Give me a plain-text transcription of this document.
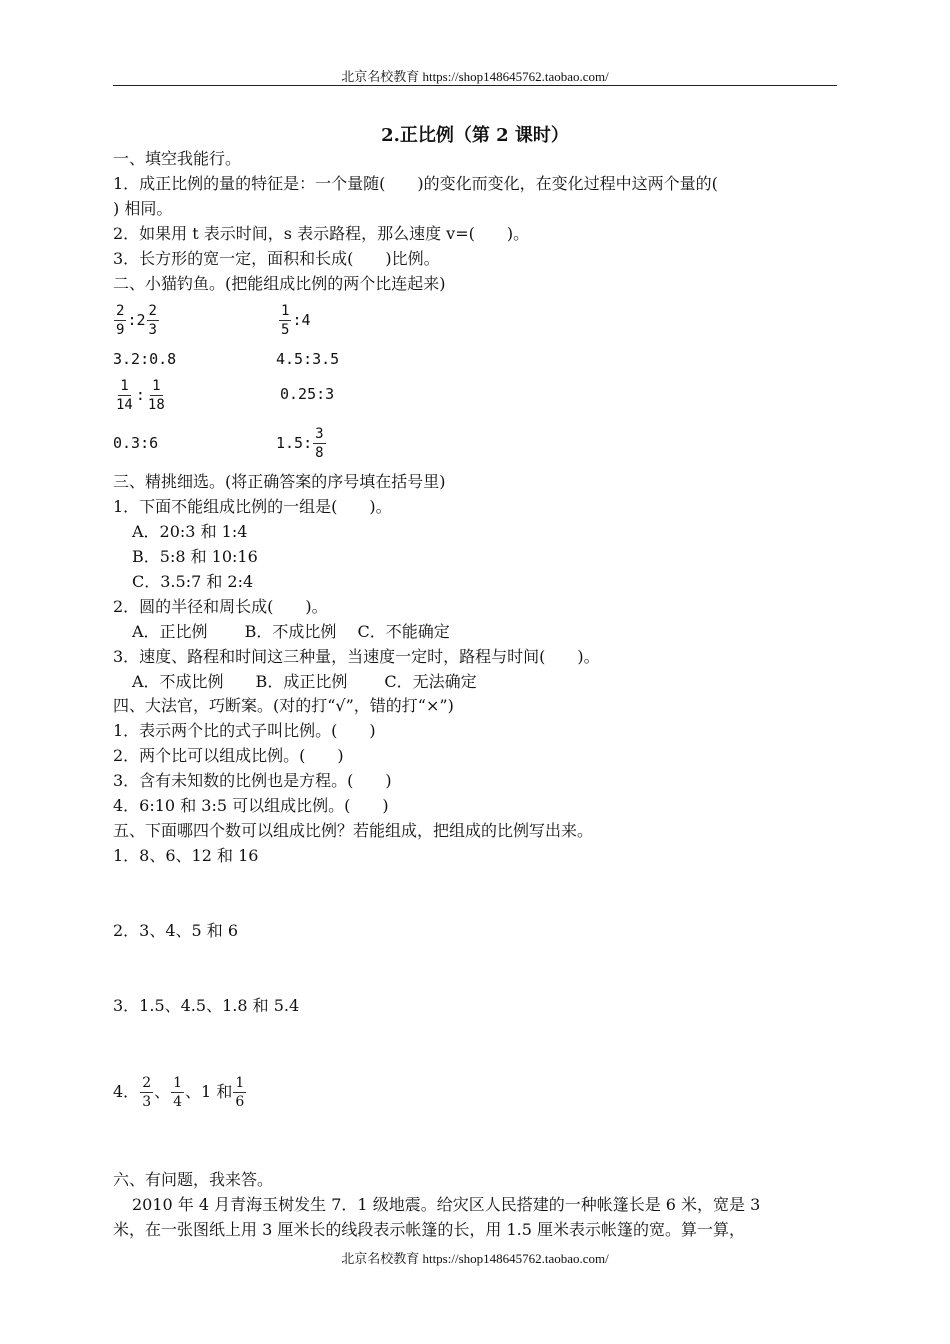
北京名校教育 https://shop148645762.taobao.com/
2.正比例（第 2 课时）
一、填空我能行。
1．成正比例的量的特征是：一个量随(　　)的变化而变化，在变化过程中这两个量的(
) 相同。
2．如果用 t 表示时间，s 表示路程，那么速度 v=(　　)。
3．长方形的宽一定，面积和长成(　　)比例。
二、小猫钓鱼。(把能组成比例的两个比连起来)
$\frac{2}{9}$ :2 $\frac{2}{3}$	$\frac{1}{5}$ :4
3.2:0.8	4.5:3.5
$\frac{1}{14}$ : $\frac{1}{18}$	0.25:3
0.3:6	1.5: $\frac{3}{8}$
三、精挑细选。(将正确答案的序号填在括号里)
1．下面不能组成比例的一组是(　　)。
A．20:3 和 1:4
B．5:8 和 10:16
C．3.5:7 和 2:4
2．圆的半径和周长成(　　)。
A．正比例　　 B．不成比例　 C．不能确定
3．速度、路程和时间这三种量，当速度一定时，路程与时间(　　)。
A．不成比例　　B．成正比例　　 C．无法确定
四、大法官，巧断案。(对的打“√”，错的打“×”)
1．表示两个比的式子叫比例。(　　)
2．两个比可以组成比例。(　　)
3．含有未知数的比例也是方程。(　　)
4．6:10 和 3:5 可以组成比例。(　　)
五、下面哪四个数可以组成比例？若能组成，把组成的比例写出来。
1．8、6、12 和 16
2．3、4、5 和 6
3．1.5、4.5、1.8 和 5.4
4． $\frac{2}{3}$ 、 $\frac{1}{4}$ 、1 和 $\frac{1}{6}$
六、有问题，我来答。
2010 年 4 月青海玉树发生 7．1 级地震。给灾区人民搭建的一种帐篷长是 6 米，宽是 3
米，在一张图纸上用 3 厘米长的线段表示帐篷的长，用 1.5 厘米表示帐篷的宽。算一算，
北京名校教育 https://shop148645762.taobao.com/
